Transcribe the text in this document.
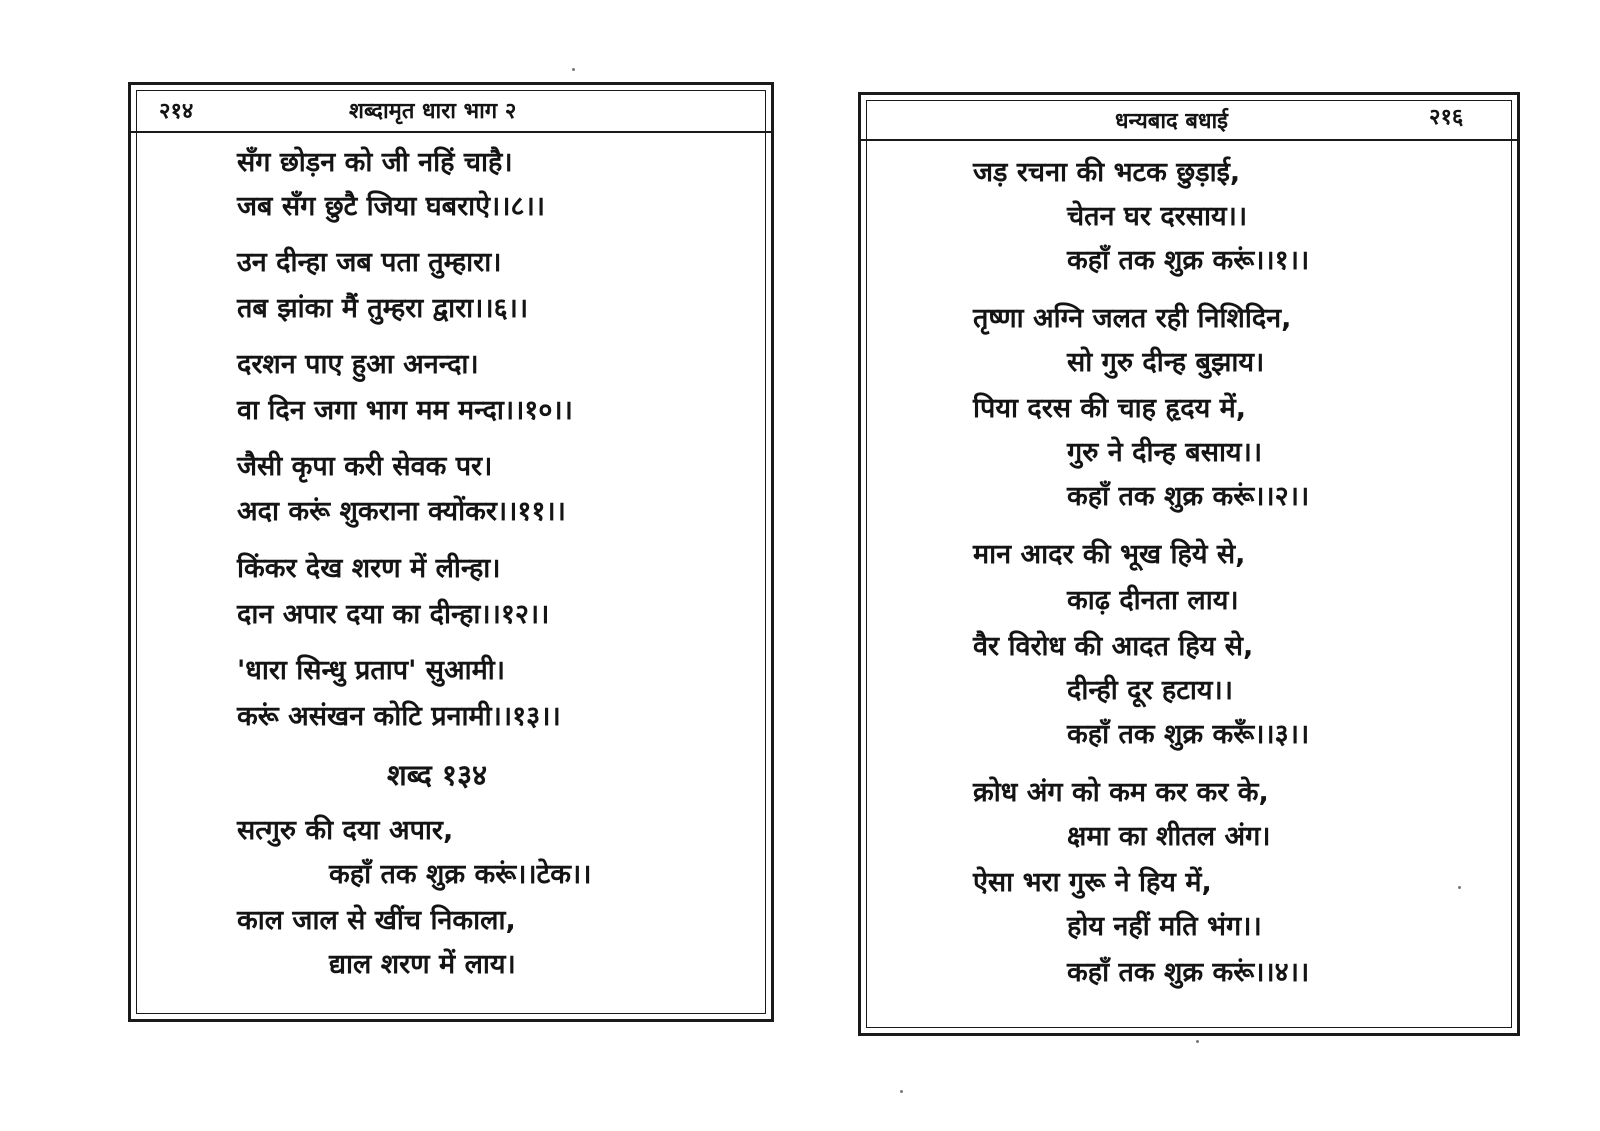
२१४	शब्दामृत धारा भाग २
सँग छोड़न को जी नहिं चाहै।
जब सँग छुटै जिया घबराऐ।।८।।
उन दीन्हा जब पता तुम्हारा।
तब झांका मैं तुम्हरा द्वारा।।६।।
दरशन पाए हुआ अनन्दा।
वा दिन जगा भाग मम मन्दा।।१०।।
जैसी कृपा करी सेवक पर।
अदा करूं शुकराना क्योंकर।।११।।
किंकर देख शरण में लीन्हा।
दान अपार दया का दीन्हा।।१२।।
'धारा सिन्धु प्रताप' सुआमी।
करूं असंखन कोटि प्रनामी।।१३।।
शब्द १३४
सत्गुरु की दया अपार,
कहाँ तक शुक्र करूं।।टेक।।
काल जाल से खींच निकाला,
द्याल शरण में लाय।
धन्यबाद बधाई	२१६
जड़ रचना की भटक छुड़ाई,
चेतन घर दरसाय।।
कहाँ तक शुक्र करूं।।१।।
तृष्णा अग्नि जलत रही निशिदिन,
सो गुरु दीन्ह बुझाय।
पिया दरस की चाह हृदय में,
गुरु ने दीन्ह बसाय।।
कहाँ तक शुक्र करूं।।२।।
मान आदर की भूख हिये से,
काढ़ दीनता लाय।
वैर विरोध की आदत हिय से,
दीन्ही दूर हटाय।।
कहाँ तक शुक्र करूँ।।३।।
क्रोध अंग को कम कर कर के,
क्षमा का शीतल अंग।
ऐसा भरा गुरू ने हिय में,
होय नहीं मति भंग।।
कहाँ तक शुक्र करूं।।४।।
